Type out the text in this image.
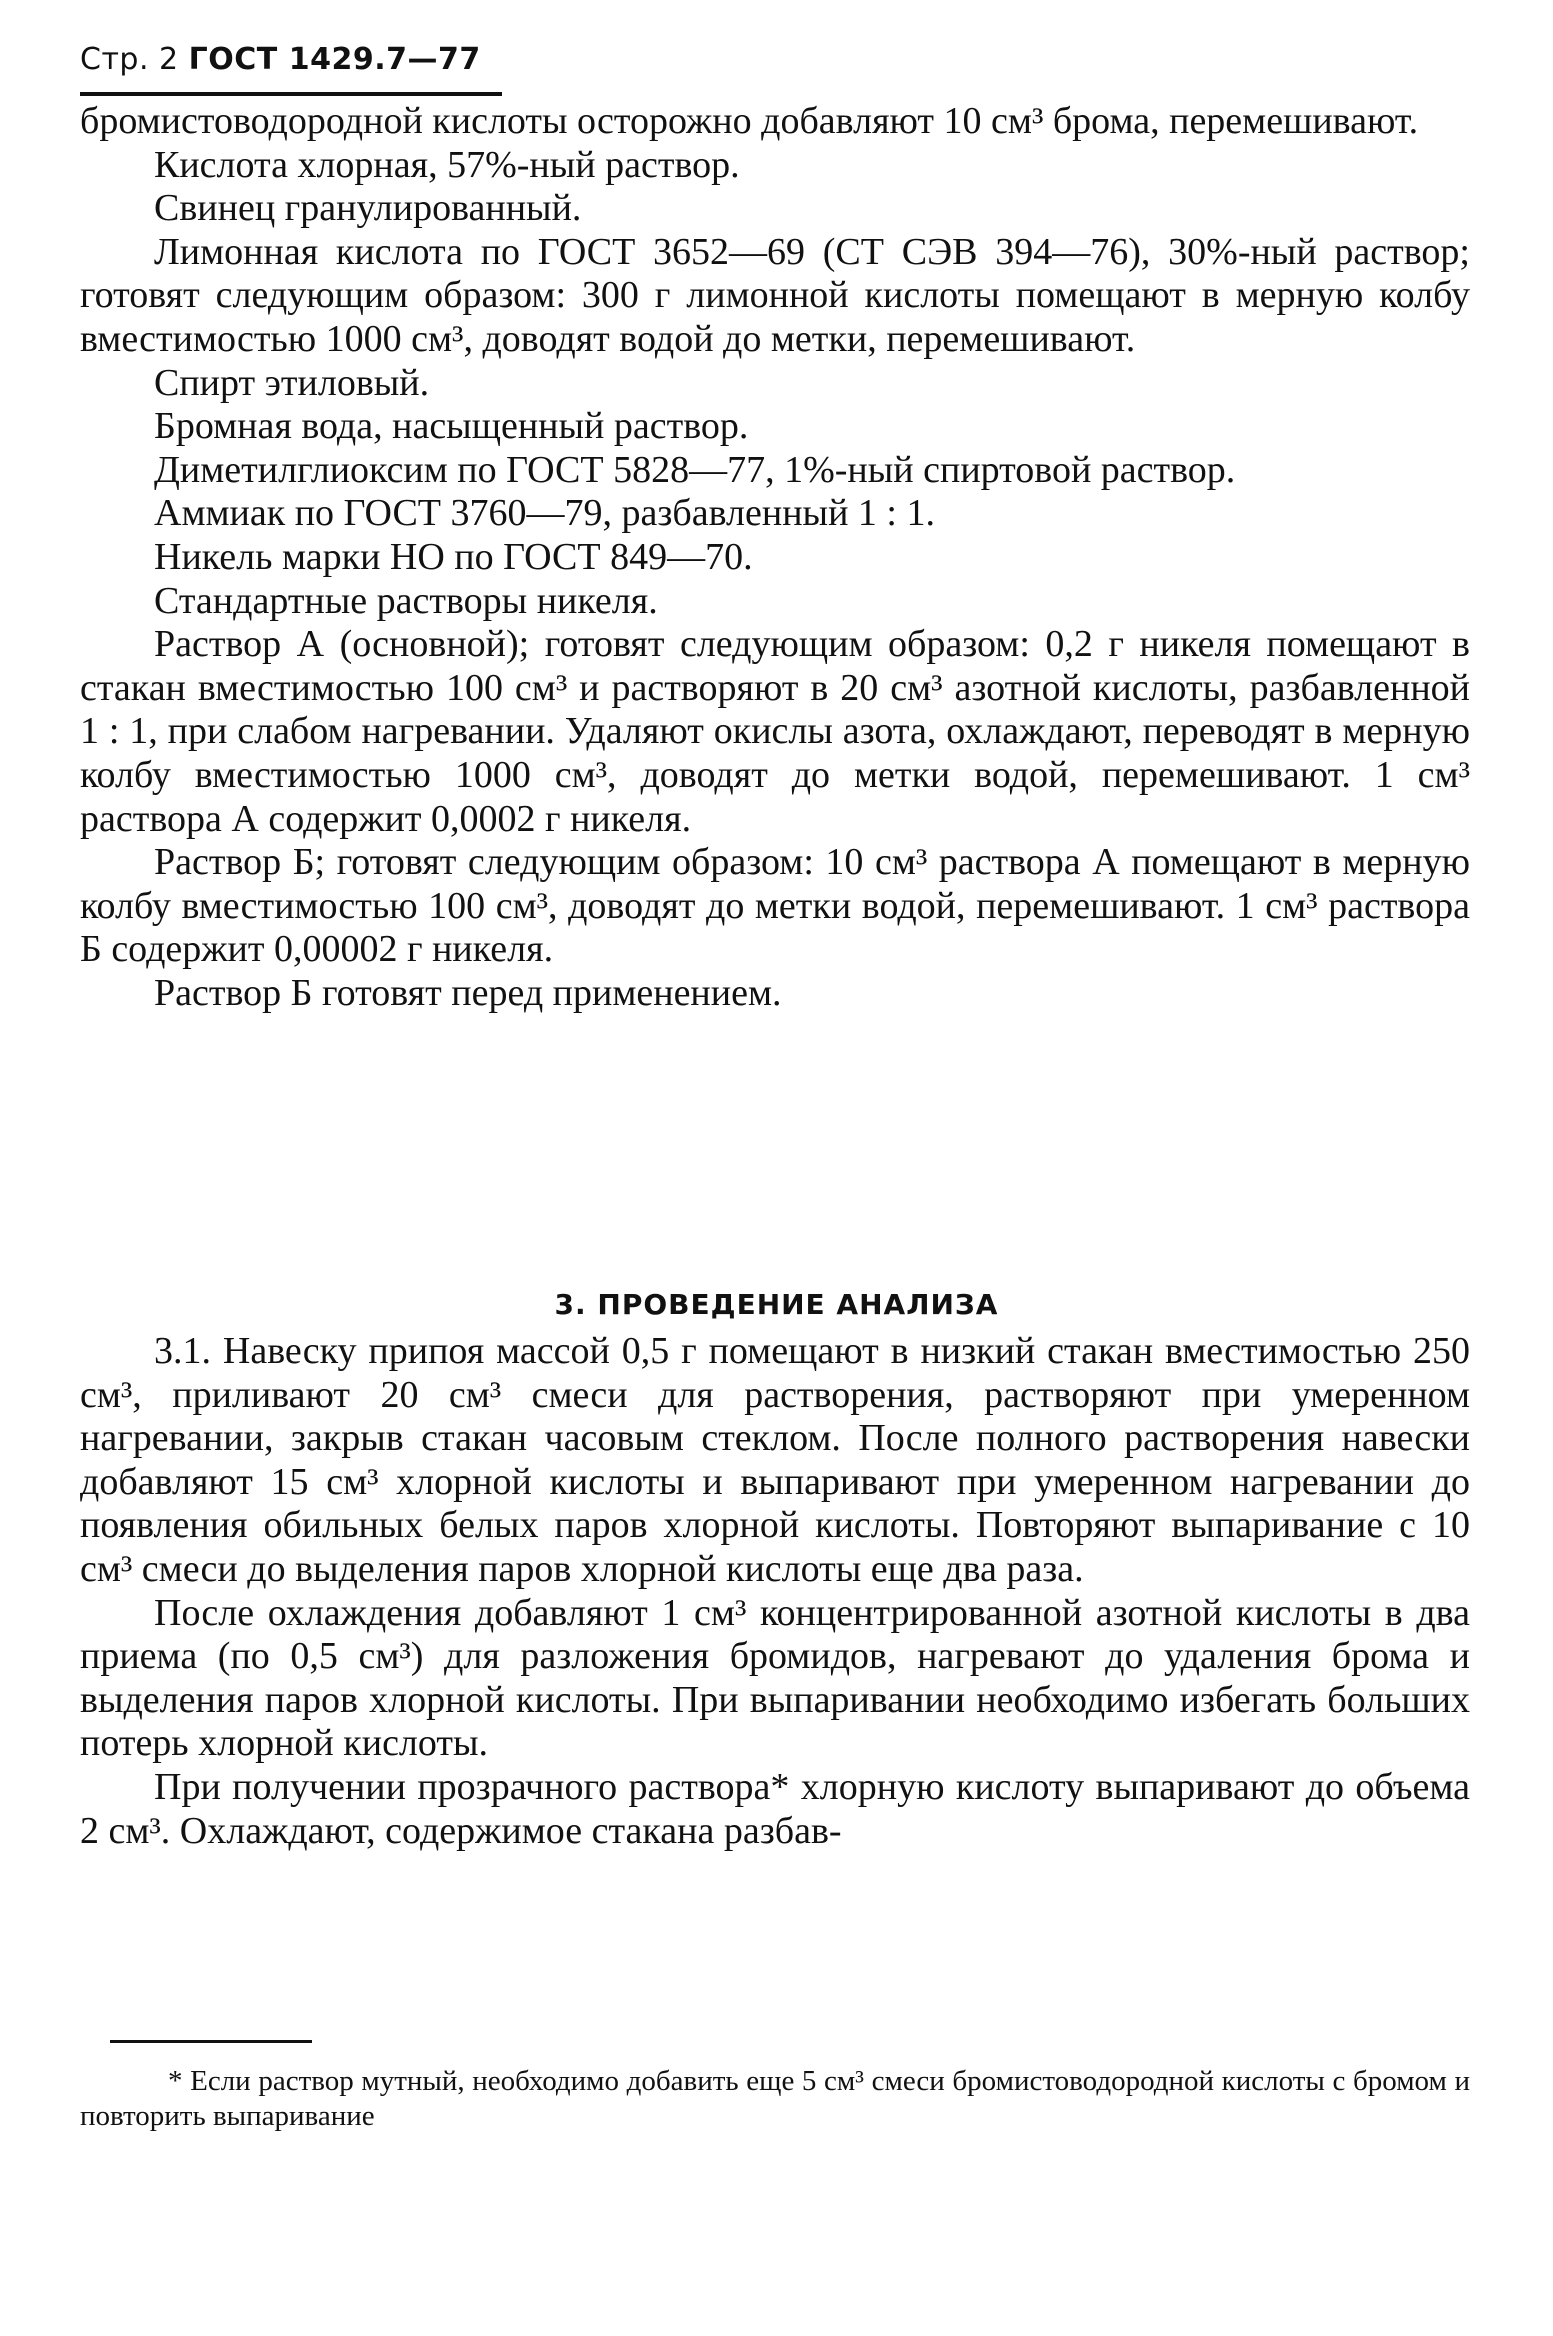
Стр. 2 ГОСТ 1429.7—77

бромистоводородной кислоты осторожно добавляют 10 см³ брома, перемешивают.

Кислота хлорная, 57%-ный раствор.

Свинец гранулированный.

Лимонная кислота по ГОСТ 3652—69 (СТ СЭВ 394—76), 30%-ный раствор; готовят следующим образом: 300 г лимонной кислоты помещают в мерную колбу вместимостью 1000 см³, доводят водой до метки, перемешивают.

Спирт этиловый.

Бромная вода, насыщенный раствор.

Диметилглиоксим по ГОСТ 5828—77, 1%-ный спиртовой раствор.

Аммиак по ГОСТ 3760—79, разбавленный 1 : 1.

Никель марки НО по ГОСТ 849—70.

Стандартные растворы никеля.

Раствор А (основной); готовят следующим образом: 0,2 г никеля помещают в стакан вместимостью 100 см³ и растворяют в 20 см³ азотной кислоты, разбавленной 1 : 1, при слабом нагревании. Удаляют окислы азота, охлаждают, переводят в мерную колбу вместимостью 1000 см³, доводят до метки водой, перемешивают. 1 см³ раствора А содержит 0,0002 г никеля.

Раствор Б; готовят следующим образом: 10 см³ раствора А помещают в мерную колбу вместимостью 100 см³, доводят до метки водой, перемешивают. 1 см³ раствора Б содержит 0,00002 г никеля.

Раствор Б готовят перед применением.

3. ПРОВЕДЕНИЕ АНАЛИЗА

3.1. Навеску припоя массой 0,5 г помещают в низкий стакан вместимостью 250 см³, приливают 20 см³ смеси для растворения, растворяют при умеренном нагревании, закрыв стакан часовым стеклом. После полного растворения навески добавляют 15 см³ хлорной кислоты и выпаривают при умеренном нагревании до появления обильных белых паров хлорной кислоты. Повторяют выпаривание с 10 см³ смеси до выделения паров хлорной кислоты еще два раза.

После охлаждения добавляют 1 см³ концентрированной азотной кислоты в два приема (по 0,5 см³) для разложения бромидов, нагревают до удаления брома и выделения паров хлорной кислоты. При выпаривании необходимо избегать больших потерь хлорной кислоты.

При получении прозрачного раствора* хлорную кислоту выпаривают до объема 2 см³. Охлаждают, содержимое стакана разбав-

* Если раствор мутный, необходимо добавить еще 5 см³ смеси бромистоводородной кислоты с бромом и повторить выпаривание
